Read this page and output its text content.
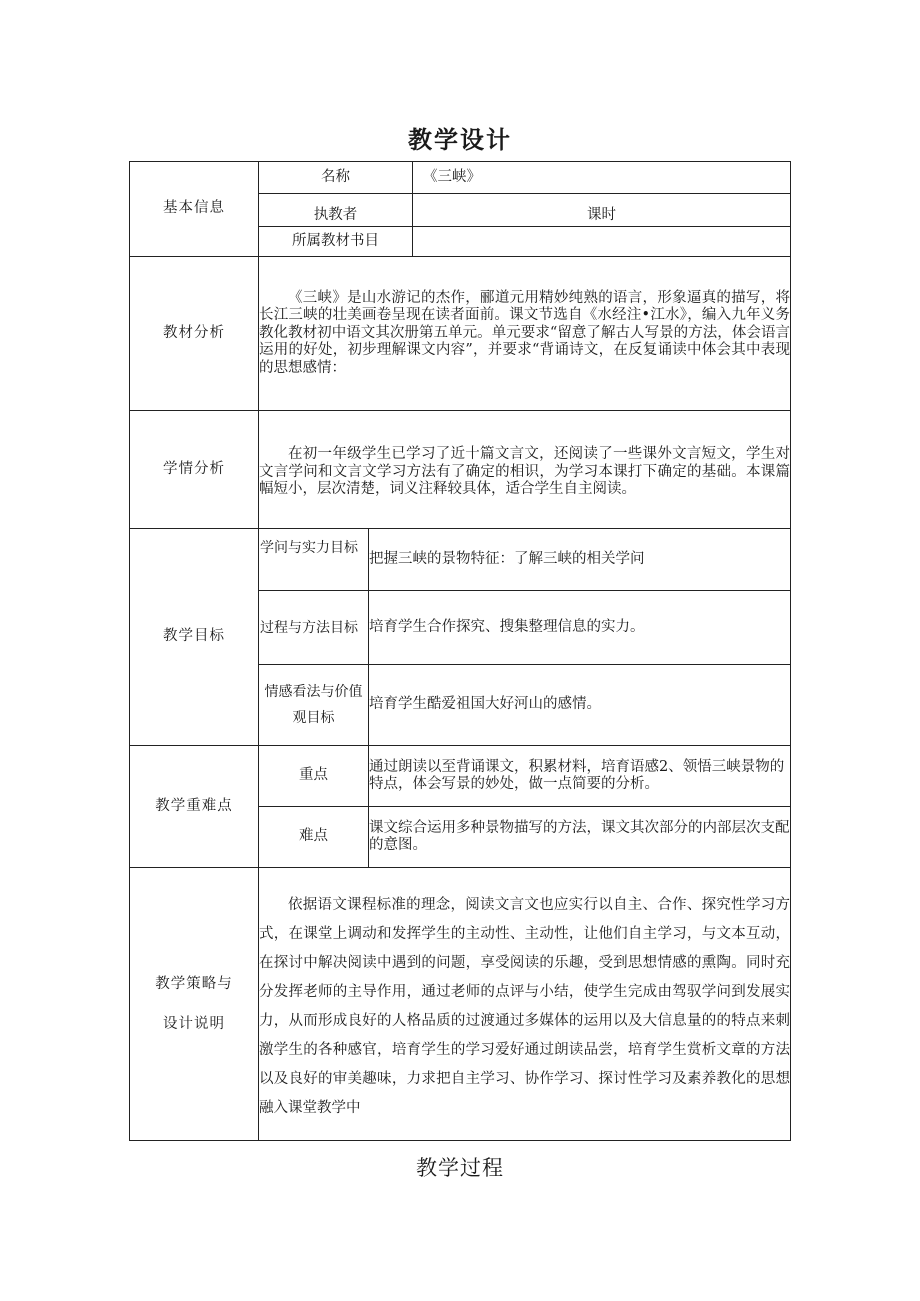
教学设计
基本信息	名称		《三峡》
	执教者		课时
	所属教材书目		
教材分析	《三峡》是山水游记的杰作，郦道元用精妙纯熟的语言，形象逼真的描写，将长江三峡的壮美画卷呈现在读者面前。课文节选自《水经注•江水》，编入九年义务教化教材初中语文其次册第五单元。单元要求“留意了解古人写景的方法，体会语言运用的好处，初步理解课文内容”，并要求“背诵诗文，在反复诵读中体会其中表现的思想感情：		
学情分析	在初一年级学生已学习了近十篇文言文，还阅读了一些课外文言短文，学生对文言学问和文言文学习方法有了确定的相识，为学习本课打下确定的基础。本课篇幅短小，层次清楚，词义注释较具体，适合学生自主阅读。		
教学目标	学问与实力目标	把握三峡的景物特征：了解三峡的相关学问	
	过程与方法目标	培育学生合作探究、搜集整理信息的实力。	
	情感看法与价值观目标	培育学生酷爱祖国大好河山的感情。	
教学重难点	重点	通过朗读以至背诵课文，积累材料，培育语感2、领悟三峡景物的特点，体会写景的妙处，做一点简要的分析。	
	难点	课文综合运用多种景物描写的方法，课文其次部分的内部层次支配的意图。	

教学策略与
设计说明	依据语文课程标准的理念，阅读文言文也应实行以自主、合作、探究性学习方式，在课堂上调动和发挥学生的主动性、主动性，让他们自主学习，与文本互动，在探讨中解决阅读中遇到的问题，享受阅读的乐趣，受到思想情感的熏陶。同时充分发挥老师的主导作用，通过老师的点评与小结，使学生完成由驾驭学问到发展实力，从而形成良好的人格品质的过渡通过多媒体的运用以及大信息量的的特点来刺激学生的各种感官，培育学生的学习爱好通过朗读品尝，培育学生赏析文章的方法以及良好的审美趣味，力求把自主学习、协作学习、探讨性学习及素养教化的思想融入课堂教学中		
教学过程
